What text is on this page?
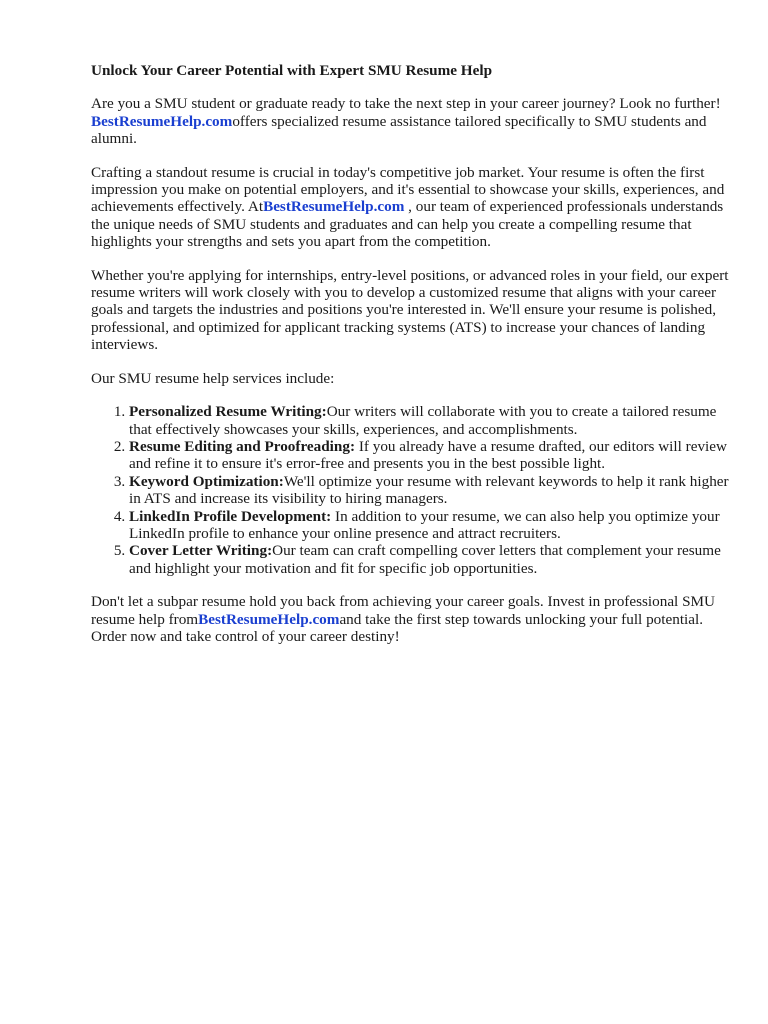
Unlock Your Career Potential with Expert SMU Resume Help

Are you a SMU student or graduate ready to take the next step in your career journey? Look no further! BestResumeHelp.comoffers specialized resume assistance tailored specifically to SMU students and alumni.

Crafting a standout resume is crucial in today's competitive job market. Your resume is often the first impression you make on potential employers, and it's essential to showcase your skills, experiences, and achievements effectively. AtBestResumeHelp.com , our team of experienced professionals understands the unique needs of SMU students and graduates and can help you create a compelling resume that highlights your strengths and sets you apart from the competition.

Whether you're applying for internships, entry-level positions, or advanced roles in your field, our expert resume writers will work closely with you to develop a customized resume that aligns with your career goals and targets the industries and positions you're interested in. We'll ensure your resume is polished, professional, and optimized for applicant tracking systems (ATS) to increase your chances of landing interviews.

Our SMU resume help services include:

1. Personalized Resume Writing:Our writers will collaborate with you to create a tailored resume that effectively showcases your skills, experiences, and accomplishments.
2. Resume Editing and Proofreading: If you already have a resume drafted, our editors will review and refine it to ensure it's error-free and presents you in the best possible light.
3. Keyword Optimization:We'll optimize your resume with relevant keywords to help it rank higher in ATS and increase its visibility to hiring managers.
4. LinkedIn Profile Development: In addition to your resume, we can also help you optimize your LinkedIn profile to enhance your online presence and attract recruiters.
5. Cover Letter Writing:Our team can craft compelling cover letters that complement your resume and highlight your motivation and fit for specific job opportunities.

Don't let a subpar resume hold you back from achieving your career goals. Invest in professional SMU resume help fromBestResumeHelp.comand take the first step towards unlocking your full potential. Order now and take control of your career destiny!
